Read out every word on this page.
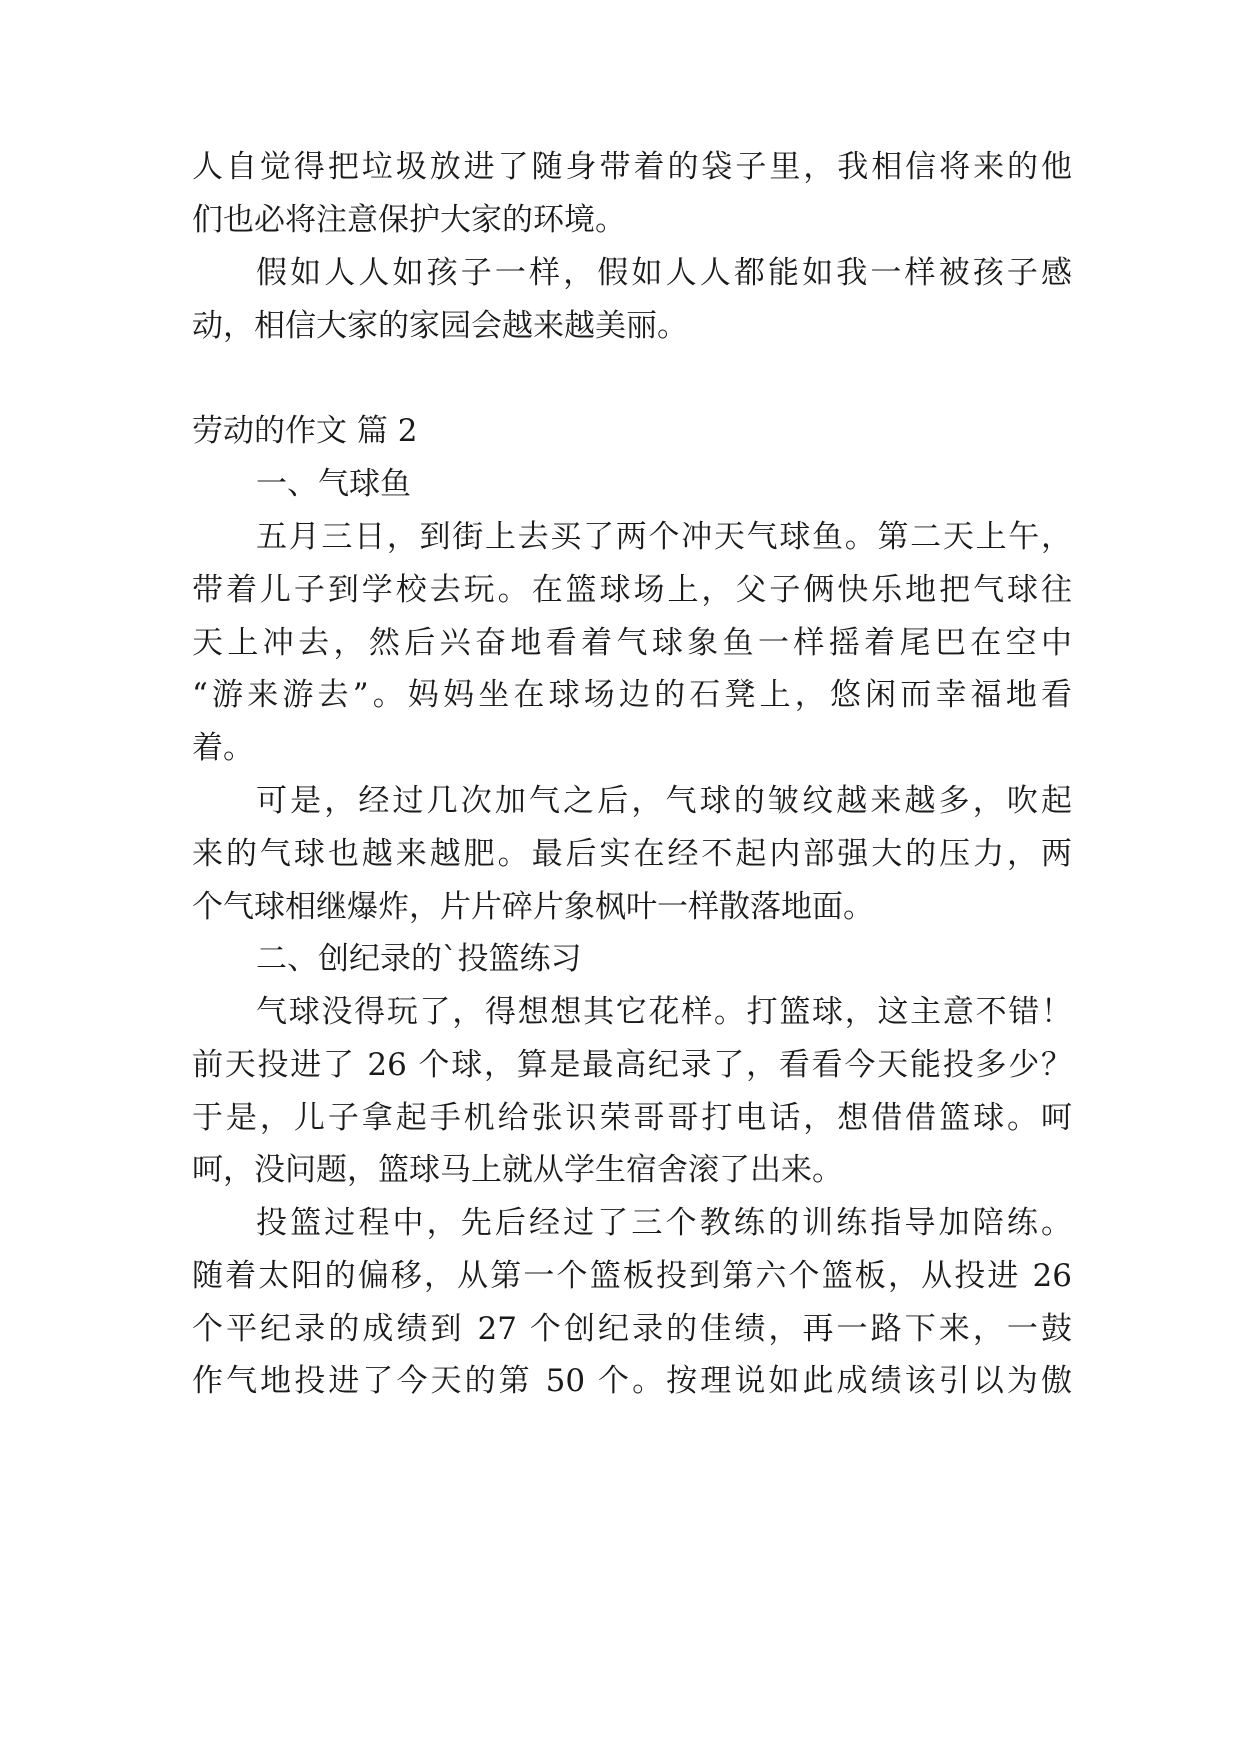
人自觉得把垃圾放进了随身带着的袋子里，我相信将来的他

们也必将注意保护大家的环境。

假如人人如孩子一样，假如人人都能如我一样被孩子感

动，相信大家的家园会越来越美丽。

劳动的作文 篇 2

一、气球鱼

五月三日，到街上去买了两个冲天气球鱼。第二天上午，

带着儿子到学校去玩。在篮球场上，父子俩快乐地把气球往

天上冲去，然后兴奋地看着气球象鱼一样摇着尾巴在空中

“游来游去”。妈妈坐在球场边的石凳上，悠闲而幸福地看

着。

可是，经过几次加气之后，气球的皱纹越来越多，吹起

来的气球也越来越肥。最后实在经不起内部强大的压力，两

个气球相继爆炸，片片碎片象枫叶一样散落地面。

二、创纪录的`投篮练习

气球没得玩了，得想想其它花样。打篮球，这主意不错！

前天投进了 26 个球，算是最高纪录了，看看今天能投多少？

于是，儿子拿起手机给张识荣哥哥打电话，想借借篮球。呵

呵，没问题，篮球马上就从学生宿舍滚了出来。

投篮过程中，先后经过了三个教练的训练指导加陪练。

随着太阳的偏移，从第一个篮板投到第六个篮板，从投进 26

个平纪录的成绩到 27 个创纪录的佳绩，再一路下来，一鼓

作气地投进了今天的第 50 个。按理说如此成绩该引以为傲
